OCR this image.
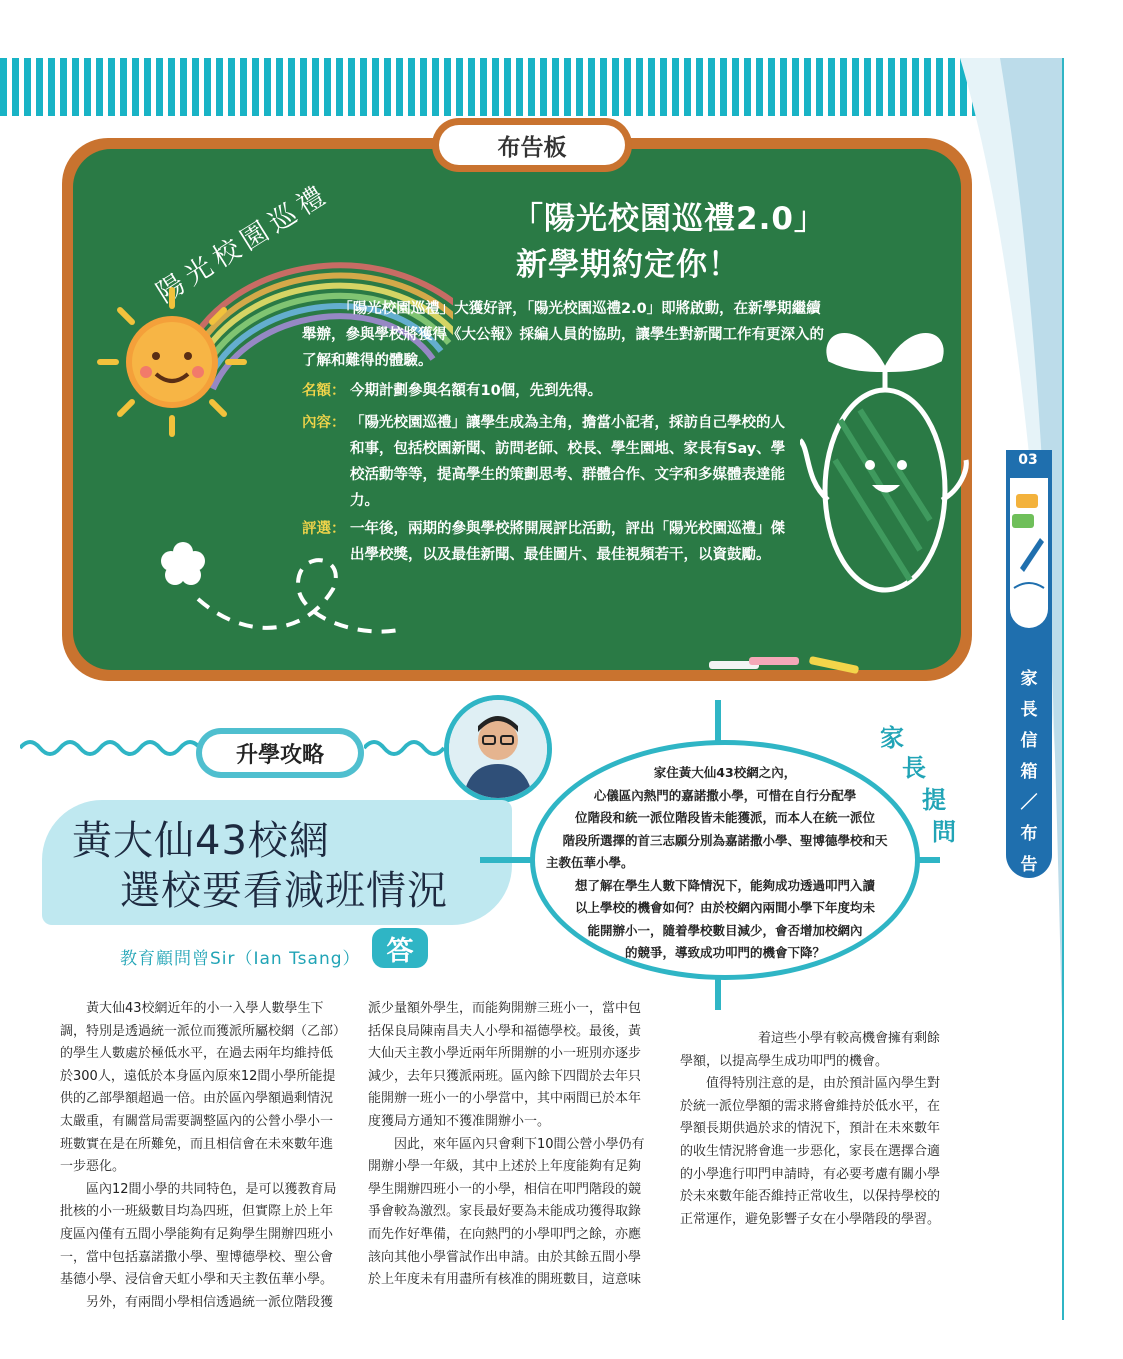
布告板
陽光校園巡禮	「陽光校園巡禮2.0」
新學期約定你！
「陽光校園巡禮」大獲好評，「陽光校園巡禮2.0」即將啟動，在新學期繼續舉辦，參與學校將獲得《大公報》採編人員的協助，讓學生對新聞工作有更深入的了解和難得的體驗。
名額： 今期計劃參與名額有10個，先到先得。
內容： 「陽光校園巡禮」讓學生成為主角，擔當小記者，採訪自己學校的人和事，包括校園新聞、訪問老師、校長、學生園地、家長有Say、學校活動等等，提高學生的策劃思考、群體合作、文字和多媒體表達能力。
評選： 一年後，兩期的參與學校將開展評比活動，評出「陽光校園巡禮」傑出學校獎，以及最佳新聞、最佳圖片、最佳視頻若干，以資鼓勵。
升學攻略
黃大仙43校網
選校要看減班情況
教育顧問曾Sir（Ian Tsang） 答
家住黃大仙43校網之內，
心儀區內熱門的嘉諾撒小學，可惜在自行分配學
位階段和統一派位階段皆未能獲派，而本人在統一派位
階段所選擇的首三志願分別為嘉諾撒小學、聖博德學校和天
主教伍華小學。
想了解在學生人數下降情況下，能夠成功透過叩門入讀
以上學校的機會如何？由於校網內兩間小學下年度均未
能開辦小一，隨着學校數目減少，會否增加校網內
的競爭，導致成功叩門的機會下降？
家
長
提
問

黃大仙43校網近年的小一入學人數學生下調，特別是透過統一派位而獲派所屬校網（乙部）的學生人數處於極低水平，在過去兩年均維持低於300人，遠低於本身區內原來12間小學所能提供的乙部學額超過一倍。由於區內學額過剩情況太嚴重，有關當局需要調整區內的公營小學小一班數實在是在所難免，而且相信會在未來數年進一步惡化。

區內12間小學的共同特色，是可以獲教育局批核的小一班級數目均為四班，但實際上於上年度區內僅有五間小學能夠有足夠學生開辦四班小一，當中包括嘉諾撒小學、聖博德學校、聖公會基德小學、浸信會天虹小學和天主教伍華小學。

另外，有兩間小學相信透過統一派位階段獲

派少量額外學生，而能夠開辦三班小一，當中包括保良局陳南昌夫人小學和福德學校。最後，黃大仙天主教小學近兩年所開辦的小一班別亦逐步減少，去年只獲派兩班。區內餘下四間於去年只能開辦一班小一的小學當中，其中兩間已於本年度獲局方通知不獲准開辦小一。

因此，來年區內只會剩下10間公營小學仍有開辦小學一年級，其中上述於上年度能夠有足夠學生開辦四班小一的小學，相信在叩門階段的競爭會較為激烈。家長最好要為未能成功獲得取錄而先作好準備，在向熱門的小學叩門之餘，亦應該向其他小學嘗試作出申請。由於其餘五間小學於上年度未有用盡所有核准的開班數目，這意味

着這些小學有較高機會擁有剩餘學額，以提高學生成功叩門的機會。

值得特別注意的是，由於預計區內學生對於統一派位學額的需求將會維持於低水平，在學額長期供過於求的情況下，預計在未來數年的收生情況將會進一步惡化，家長在選擇合適的小學進行叩門申請時，有必要考慮有關小學於未來數年能否維持正常收生，以保持學校的正常運作，避免影響子女在小學階段的學習。

03
家
長
信
箱
／
布
告
板
